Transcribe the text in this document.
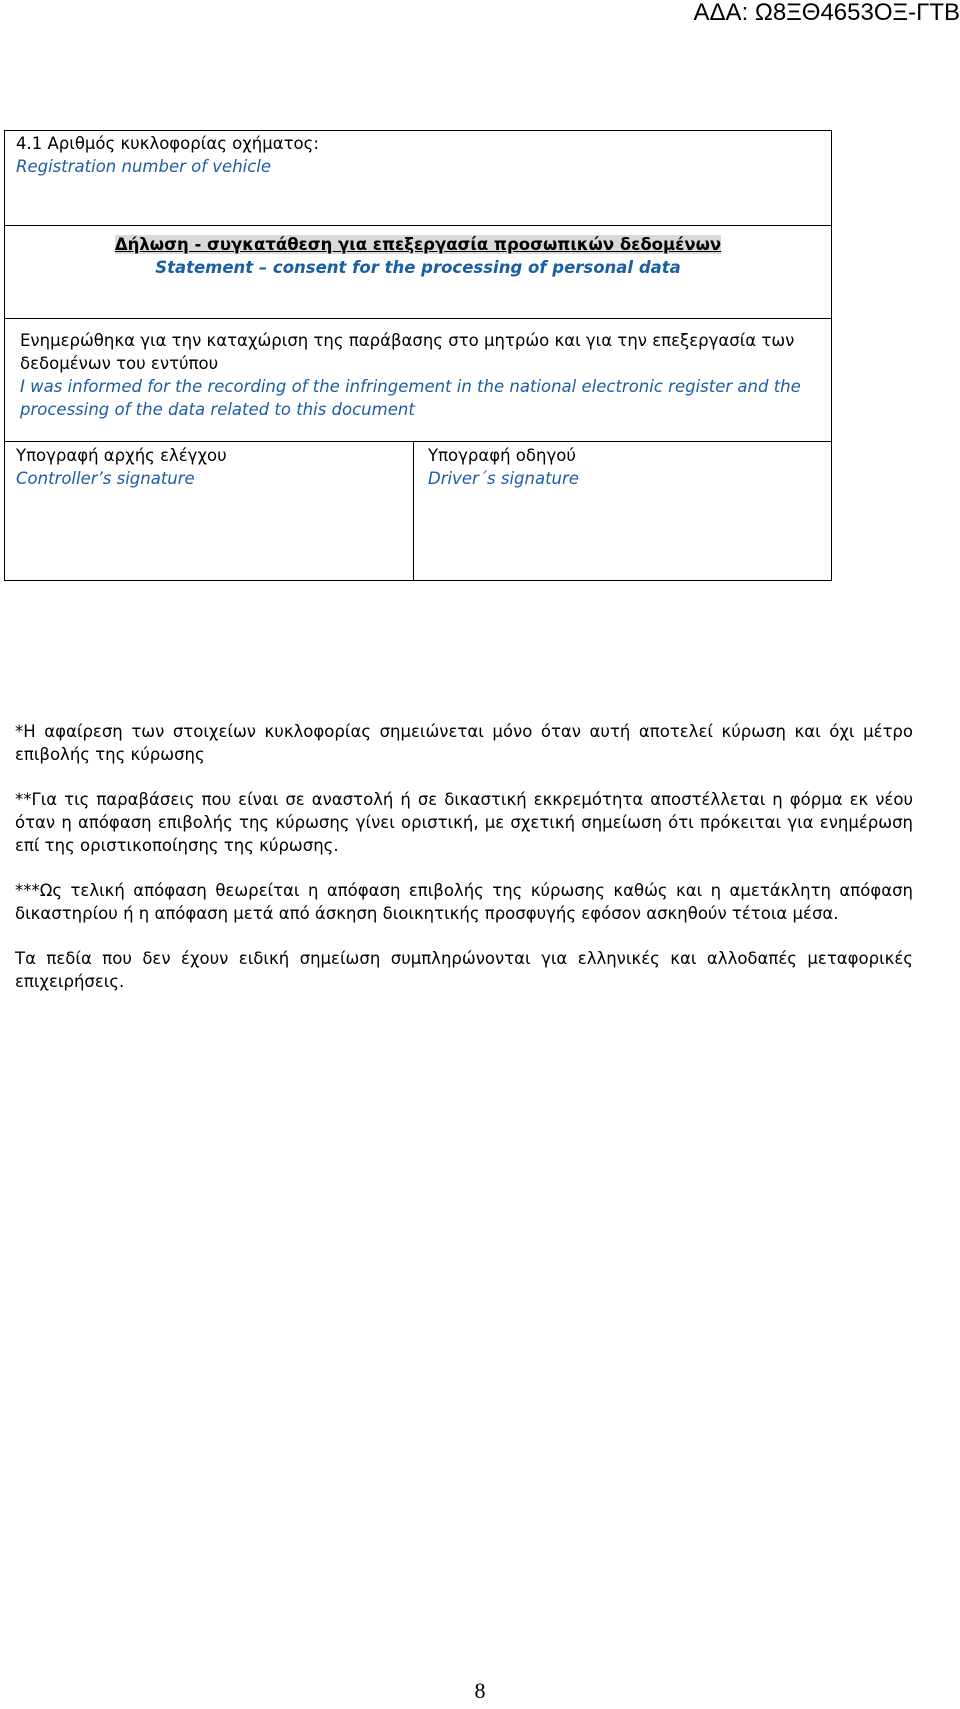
ΑΔΑ: Ω8ΞΘ4653ΟΞ-ΓΤΒ
4.1 Αριθμός κυκλοφορίας οχήματος:
Registration number of vehicle
Δήλωση - συγκατάθεση για επεξεργασία προσωπικών δεδομένων
Statement – consent for the processing of personal data
Ενημερώθηκα για την καταχώριση της παράβασης στο μητρώο και για την επεξεργασία των δεδομένων του εντύπου
I was informed for the recording of the infringement in the national electronic register and the processing of the data related to this document
Υπογραφή αρχής ελέγχου
Controller’s signature
Υπογραφή οδηγού
Driver΄s signature

*Η αφαίρεση των στοιχείων κυκλοφορίας σημειώνεται μόνο όταν αυτή αποτελεί κύρωση και όχι μέτρο επιβολής της κύρωσης

**Για τις παραβάσεις που είναι σε αναστολή ή σε δικαστική εκκρεμότητα αποστέλλεται η φόρμα εκ νέου όταν η απόφαση επιβολής της κύρωσης γίνει οριστική, με σχετική σημείωση ότι πρόκειται για ενημέρωση επί της οριστικοποίησης της κύρωσης.

***Ως τελική απόφαση θεωρείται η απόφαση επιβολής της κύρωσης καθώς και η αμετάκλητη απόφαση δικαστηρίου ή η απόφαση μετά από άσκηση διοικητικής προσφυγής εφόσον ασκηθούν τέτοια μέσα.

Τα πεδία που δεν έχουν ειδική σημείωση συμπληρώνονται για ελληνικές και αλλοδαπές μεταφορικές επιχειρήσεις.

8
